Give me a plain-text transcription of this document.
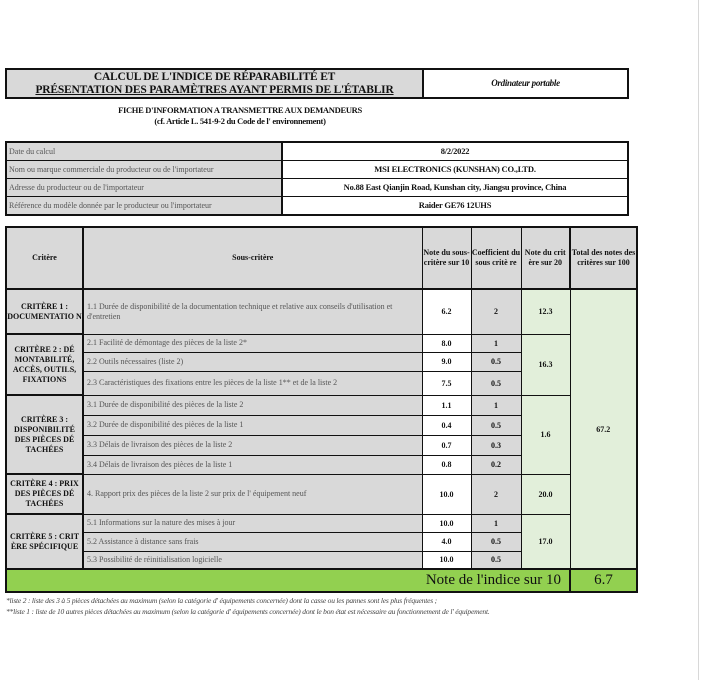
CALCUL DE L'INDICE DE RÉPARABILITÉ ET
PRÉSENTATION DES PARAMÈTRES AYANT PERMIS DE L'ÉTABLIR
Ordinateur portable
FICHE D'INFORMATION A TRANSMETTRE AUX DEMANDEURS
(cf. Article L. 541-9-2 du Code de l' environnement)
Date du calcul	8/2/2022
Nom ou marque commerciale du producteur ou de l'importateur	MSI ELECTRONICS (KUNSHAN) CO.,LTD.
Adresse du producteur ou de l'importateur	No.88 East Qianjin Road, Kunshan city, Jiangsu province, China
Référence du modèle donnée par le producteur ou l'importateur	Raider GE76 12UHS
Critère	Sous-critère	Note du sous-critère sur 10	Coefficient du sous critè re	Note du crit ère sur 20	Total des notes des critères sur 100
CRITÈRE 1 : DOCUMENTATIO N	1.1 Durée de disponibilité de la documentation technique et relative aux conseils d'utilisation et d'entretien	6.2	2	12.3	67.2
CRITÈRE 2 : DÉ MONTABILITÉ, ACCÈS, OUTILS, FIXATIONS	2.1 Facilité de démontage des pièces de la liste 2*	8.0	1	16.3	
	2.2 Outils nécessaires (liste 2)	9.0	0.5		
	2.3 Caractéristiques des fixations entre les pièces de la liste 1** et de la liste 2	7.5	0.5		
CRITÈRE 3 : DISPONIBILITÉ DES PIÈCES DÉ TACHÉES	3.1 Durée de disponibilité des pièces de la liste 2	1.1	1	1.6	
	3.2 Durée de disponibilité des pièces de la liste 1	0.4	0.5		
	3.3 Délais de livraison des pièces de la liste 2	0.7	0.3		
	3.4 Délais de livraison des pièces de la liste 1	0.8	0.2		
CRITÈRE 4 : PRIX DES PIÈCES DÉ TACHÉES	4. Rapport prix des pièces de la liste 2 sur prix de l' équipement neuf	10.0	2	20.0	
CRITÈRE 5 : CRIT ÈRE SPÉCIFIQUE	5.1 Informations sur la nature des mises à jour	10.0	1	17.0	
	5.2 Assistance à distance sans frais	4.0	0.5		
	5.3 Possibilité de réinitialisation logicielle	10.0	0.5		
Note de l'indice sur 10					6.7
*liste 2 : liste des 3 à 5 pièces détachées au maximum (selon la catégorie d' équipements concernée) dont la casse ou les pannes sont les plus fréquentes ;
**liste 1 : liste de 10 autres pièces détachées au maximum (selon la catégorie d' équipements concernée) dont le bon état est nécessaire au fonctionnement de l' équipement.
